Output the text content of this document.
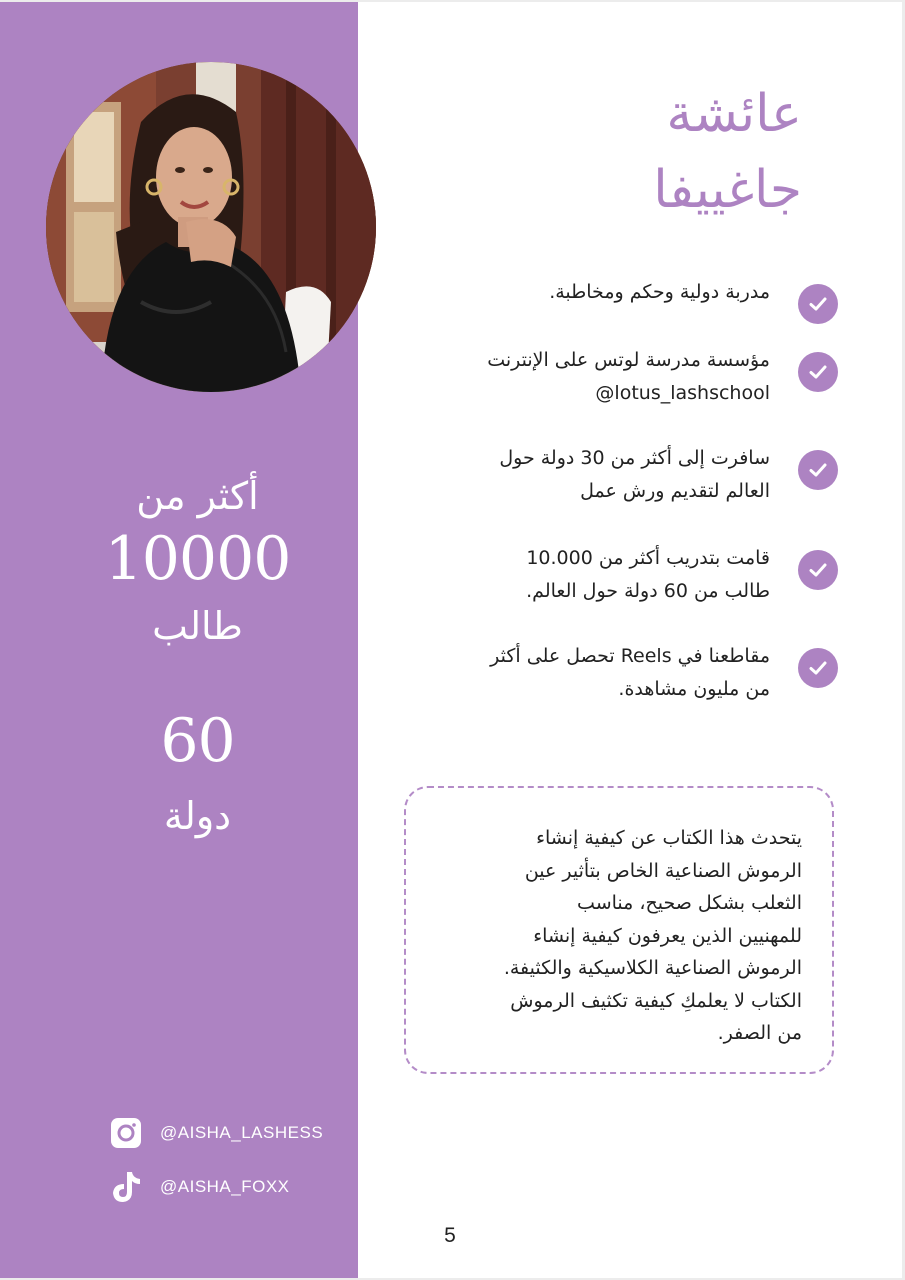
أكثر من
10000
طالب
60
دولة
@AISHA_LASHESS
@AISHA_FOXX
عائشة
جاغييفا
مدربة دولية وحكم ومخاطبة.
مؤسسة مدرسة لوتس على الإنترنت
@lotus_lashschool
سافرت إلى أكثر من 30 دولة حول
العالم لتقديم ورش عمل
قامت بتدريب أكثر من 10.000
طالب من 60 دولة حول العالم.
مقاطعنا في Reels تحصل على أكثر
من مليون مشاهدة.
يتحدث هذا الكتاب عن كيفية إنشاء
الرموش الصناعية الخاص بتأثير عين
الثعلب بشكل صحيح، مناسب
للمهنيين الذين يعرفون كيفية إنشاء
الرموش الصناعية الكلاسيكية والكثيفة.
الكتاب لا يعلمكِ كيفية تكثيف الرموش
من الصفر.
5
